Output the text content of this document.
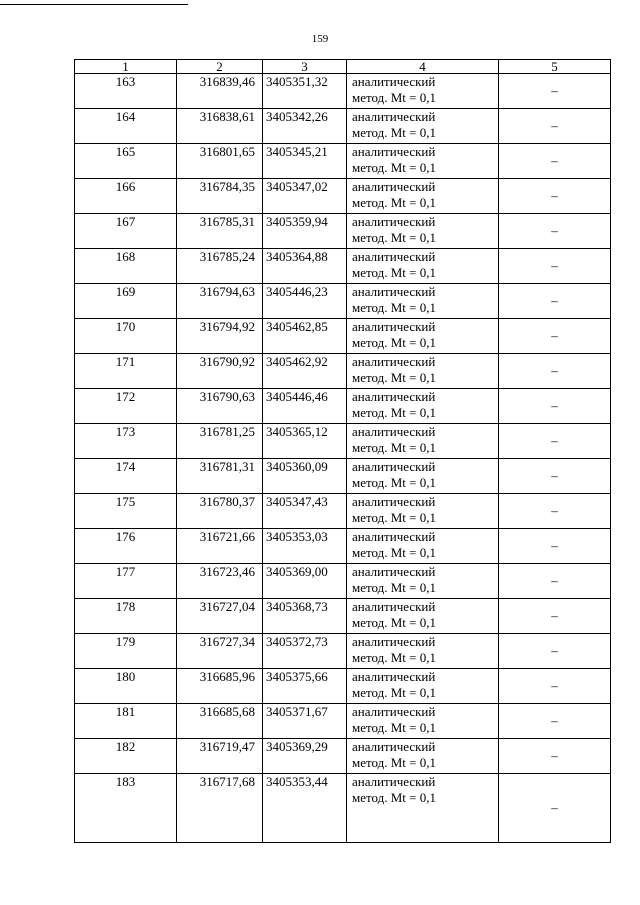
159
1	2	3	4	5
163	316839,46	3405351,32	аналитический
метод. Mt = 0,1	–
164	316838,61	3405342,26	аналитический
метод. Mt = 0,1	–
165	316801,65	3405345,21	аналитический
метод. Mt = 0,1	–
166	316784,35	3405347,02	аналитический
метод. Mt = 0,1	–
167	316785,31	3405359,94	аналитический
метод. Mt = 0,1	–
168	316785,24	3405364,88	аналитический
метод. Mt = 0,1	–
169	316794,63	3405446,23	аналитический
метод. Mt = 0,1	–
170	316794,92	3405462,85	аналитический
метод. Mt = 0,1	–
171	316790,92	3405462,92	аналитический
метод. Mt = 0,1	–
172	316790,63	3405446,46	аналитический
метод. Mt = 0,1	–
173	316781,25	3405365,12	аналитический
метод. Mt = 0,1	–
174	316781,31	3405360,09	аналитический
метод. Mt = 0,1	–
175	316780,37	3405347,43	аналитический
метод. Mt = 0,1	–
176	316721,66	3405353,03	аналитический
метод. Mt = 0,1	–
177	316723,46	3405369,00	аналитический
метод. Mt = 0,1	–
178	316727,04	3405368,73	аналитический
метод. Mt = 0,1	–
179	316727,34	3405372,73	аналитический
метод. Mt = 0,1	–
180	316685,96	3405375,66	аналитический
метод. Mt = 0,1	–
181	316685,68	3405371,67	аналитический
метод. Mt = 0,1	–
182	316719,47	3405369,29	аналитический
метод. Mt = 0,1	–
183	316717,68	3405353,44	аналитический
метод. Mt = 0,1	–
